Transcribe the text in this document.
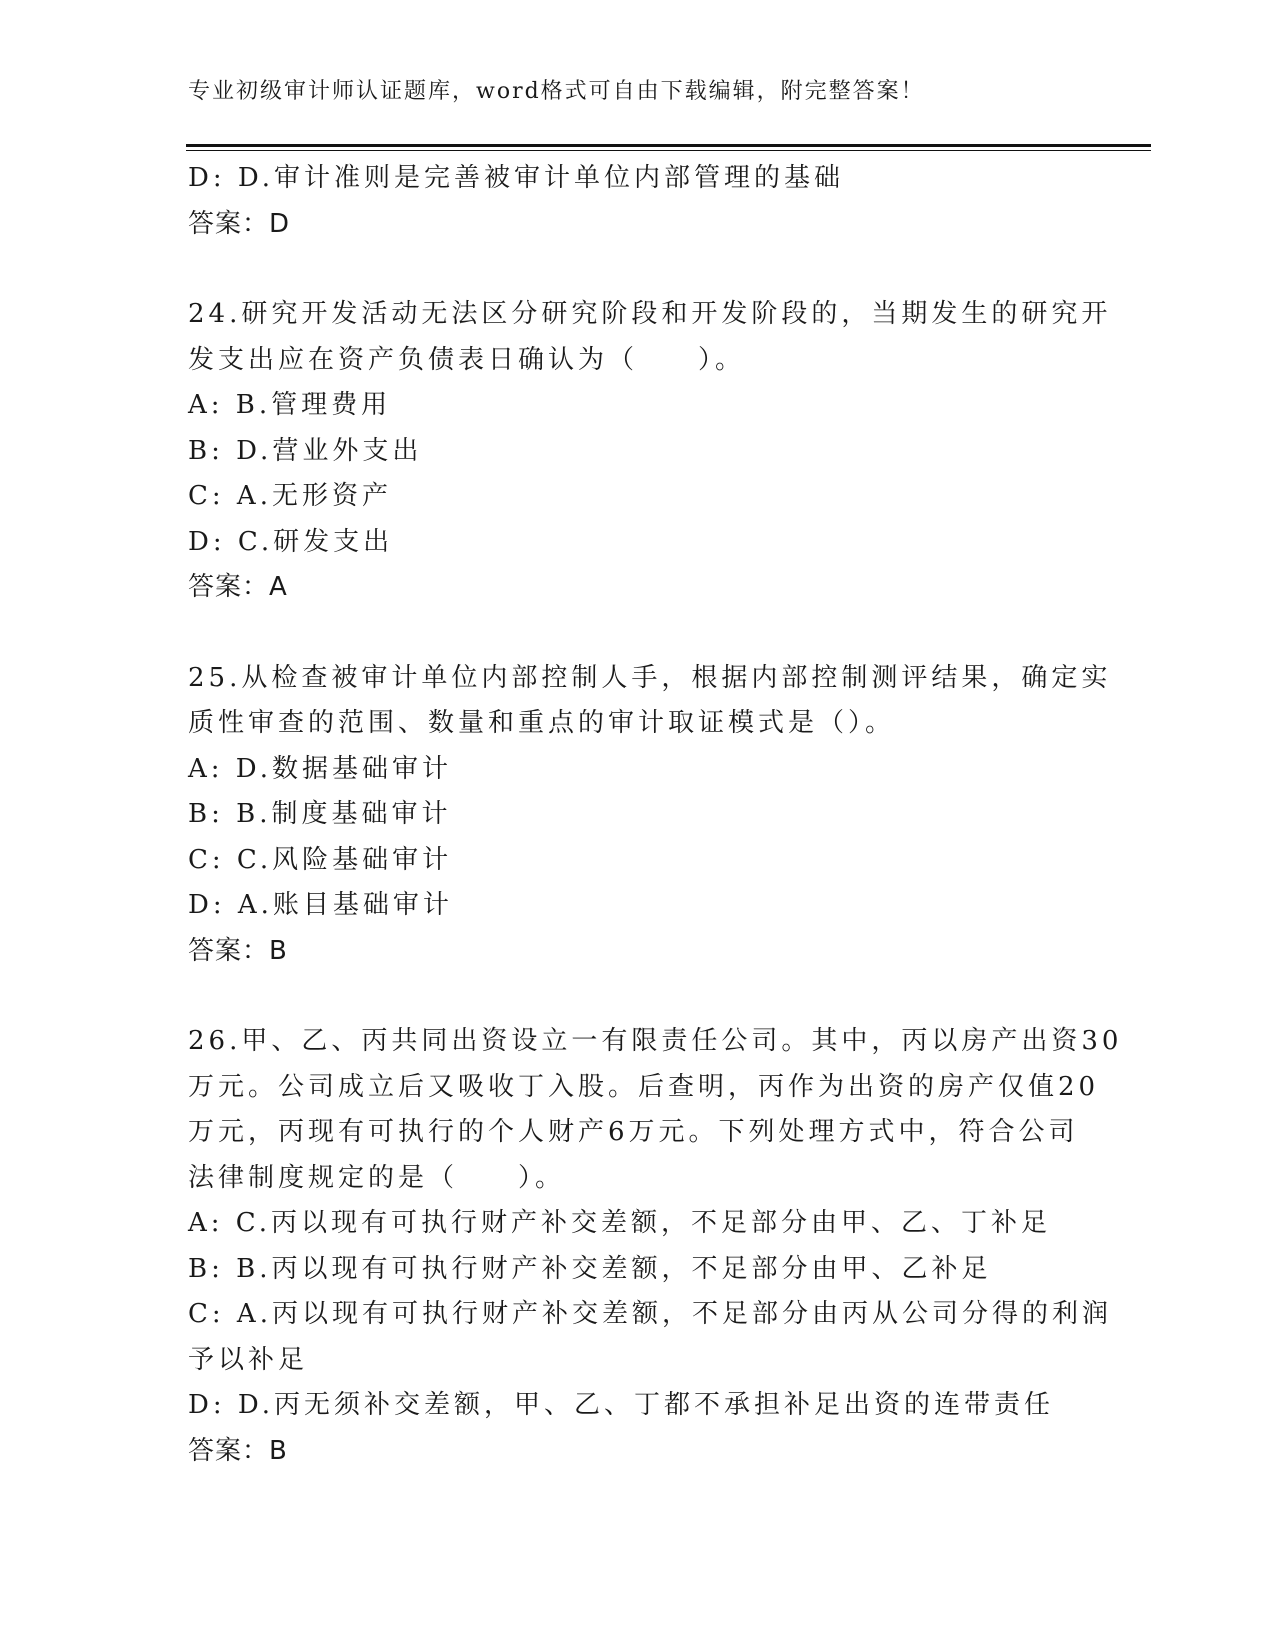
专业初级审计师认证题库，word格式可自由下载编辑，附完整答案！
D: D.审计准则是完善被审计单位内部管理的基础
答案：D
24.研究开发活动无法区分研究阶段和开发阶段的，当期发生的研究开
发支出应在资产负债表日确认为（　　）。
A: B.管理费用
B: D.营业外支出
C: A.无形资产
D: C.研发支出
答案：A
25.从检查被审计单位内部控制人手，根据内部控制测评结果，确定实
质性审查的范围、数量和重点的审计取证模式是（）。
A: D.数据基础审计
B: B.制度基础审计
C: C.风险基础审计
D: A.账目基础审计
答案：B
26.甲、乙、丙共同出资设立一有限责任公司。其中，丙以房产出资30
万元。公司成立后又吸收丁入股。后查明，丙作为出资的房产仅值20
万元，丙现有可执行的个人财产6万元。下列处理方式中，符合公司
法律制度规定的是（　　）。
A: C.丙以现有可执行财产补交差额，不足部分由甲、乙、丁补足
B: B.丙以现有可执行财产补交差额，不足部分由甲、乙补足
C: A.丙以现有可执行财产补交差额，不足部分由丙从公司分得的利润
予以补足
D: D.丙无须补交差额，甲、乙、丁都不承担补足出资的连带责任
答案：B
